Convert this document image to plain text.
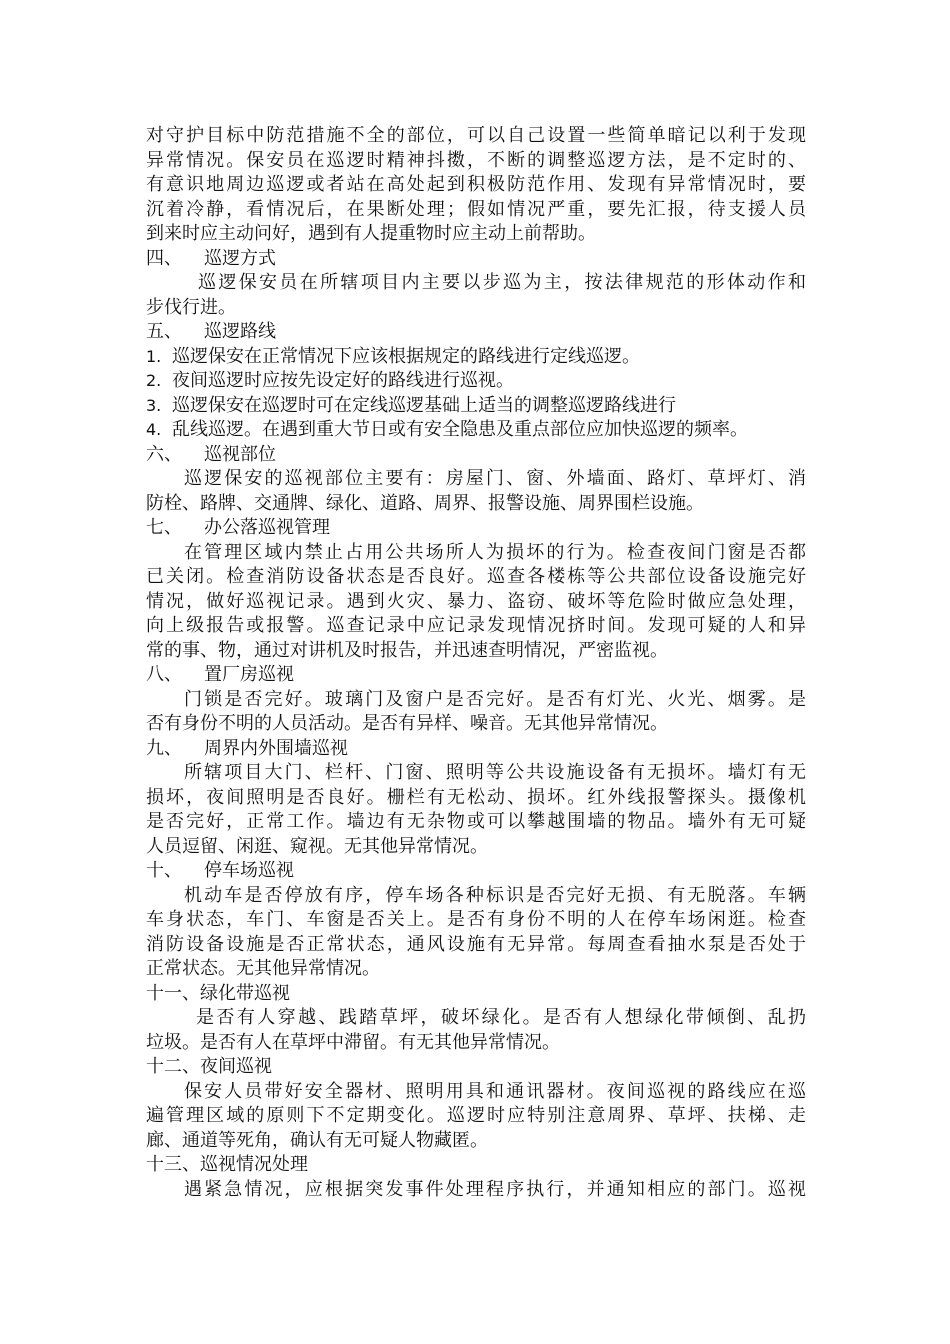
对守护目标中防范措施不全的部位，可以自己设置一些简单暗记以利于发现
异常情况。保安员在巡逻时精神抖擞，不断的调整巡逻方法，是不定时的、
有意识地周边巡逻或者站在高处起到积极防范作用、发现有异常情况时，要
沉着冷静，看情况后，在果断处理；假如情况严重，要先汇报，待支援人员
到来时应主动问好，遇到有人提重物时应主动上前帮助。
四、 巡逻方式
巡逻保安员在所辖项目内主要以步巡为主，按法律规范的形体动作和
步伐行进。
五、 巡逻路线
1. 巡逻保安在正常情况下应该根据规定的路线进行定线巡逻。
2. 夜间巡逻时应按先设定好的路线进行巡视。
3. 巡逻保安在巡逻时可在定线巡逻基础上适当的调整巡逻路线进行
4. 乱线巡逻。在遇到重大节日或有安全隐患及重点部位应加快巡逻的频率。
六、 巡视部位
巡逻保安的巡视部位主要有：房屋门、窗、外墙面、路灯、草坪灯、消
防栓、路牌、交通牌、绿化、道路、周界、报警设施、周界围栏设施。
七、 办公落巡视管理
在管理区域内禁止占用公共场所人为损坏的行为。检查夜间门窗是否都
已关闭。检查消防设备状态是否良好。巡查各楼栋等公共部位设备设施完好
情况，做好巡视记录。遇到火灾、暴力、盗窃、破坏等危险时做应急处理，
向上级报告或报警。巡查记录中应记录发现情况挤时间。发现可疑的人和异
常的事、物，通过对讲机及时报告，并迅速查明情况，严密监视。
八、 置厂房巡视
门锁是否完好。玻璃门及窗户是否完好。是否有灯光、火光、烟雾。是
否有身份不明的人员活动。是否有异样、噪音。无其他异常情况。
九、 周界内外围墙巡视
所辖项目大门、栏杆、门窗、照明等公共设施设备有无损坏。墙灯有无
损坏，夜间照明是否良好。栅栏有无松动、损坏。红外线报警探头。摄像机
是否完好，正常工作。墙边有无杂物或可以攀越围墙的物品。墙外有无可疑
人员逗留、闲逛、窥视。无其他异常情况。
十、 停车场巡视
机动车是否停放有序，停车场各种标识是否完好无损、有无脱落。车辆
车身状态，车门、车窗是否关上。是否有身份不明的人在停车场闲逛。检查
消防设备设施是否正常状态，通风设施有无异常。每周查看抽水泵是否处于
正常状态。无其他异常情况。
十一、绿化带巡视
是否有人穿越、践踏草坪，破坏绿化。是否有人想绿化带倾倒、乱扔
垃圾。是否有人在草坪中滞留。有无其他异常情况。
十二、夜间巡视
保安人员带好安全器材、照明用具和通讯器材。夜间巡视的路线应在巡
遍管理区域的原则下不定期变化。巡逻时应特别注意周界、草坪、扶梯、走
廊、通道等死角，确认有无可疑人物藏匿。
十三、巡视情况处理
遇紧急情况，应根据突发事件处理程序执行，并通知相应的部门。巡视
